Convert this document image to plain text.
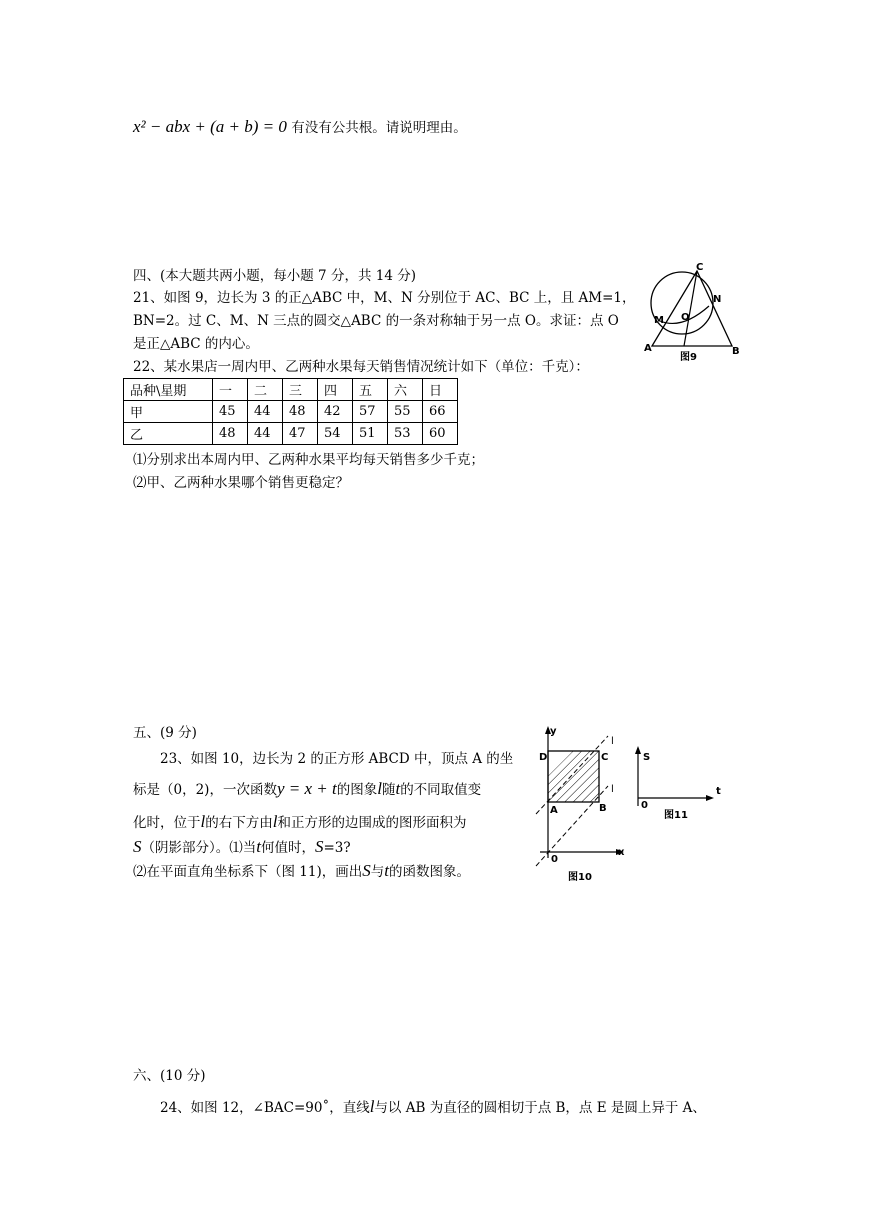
x² − abx + (a + b) = 0 有没有公共根。请说明理由。
四、(本大题共两小题，每小题 7 分，共 14 分)
21、如图 9，边长为 3 的正△ABC 中，M、N 分别位于 AC、BC 上，且 AM=1，
BN=2。过 C、M、N 三点的圆交△ABC 的一条对称轴于另一点 O。求证：点 O
是正△ABC 的内心。
22、某水果店一周内甲、乙两种水果每天销售情况统计如下（单位：千克）：
A	B
C
M
N
O
图9
品种\星期	一	二	三	四	五	六	日
甲	45	44	48	42	57	55	66
乙	48	44	47	54	51	53	60
⑴分别求出本周内甲、乙两种水果平均每天销售多少千克；
⑵甲、乙两种水果哪个销售更稳定？
五、(9 分)
23、如图 10，边长为 2 的正方形 ABCD 中，顶点 A 的坐
标是（0，2)，一次函数y = x + t的图象l随t的不同取值变
化时，位于l的右下方由l和正方形的边围成的图形面积为
S（阴影部分）。⑴当t何值时，S=3?
⑵在平面直角坐标系下（图 11)，画出S与t的函数图象。
y
x
0
A	B
C
D
l
l
图10
S
t
0
图11
六、(10 分)
24、如图 12，∠BAC=90˚，直线l与以 AB 为直径的圆相切于点 B，点 E 是圆上异于 A、
